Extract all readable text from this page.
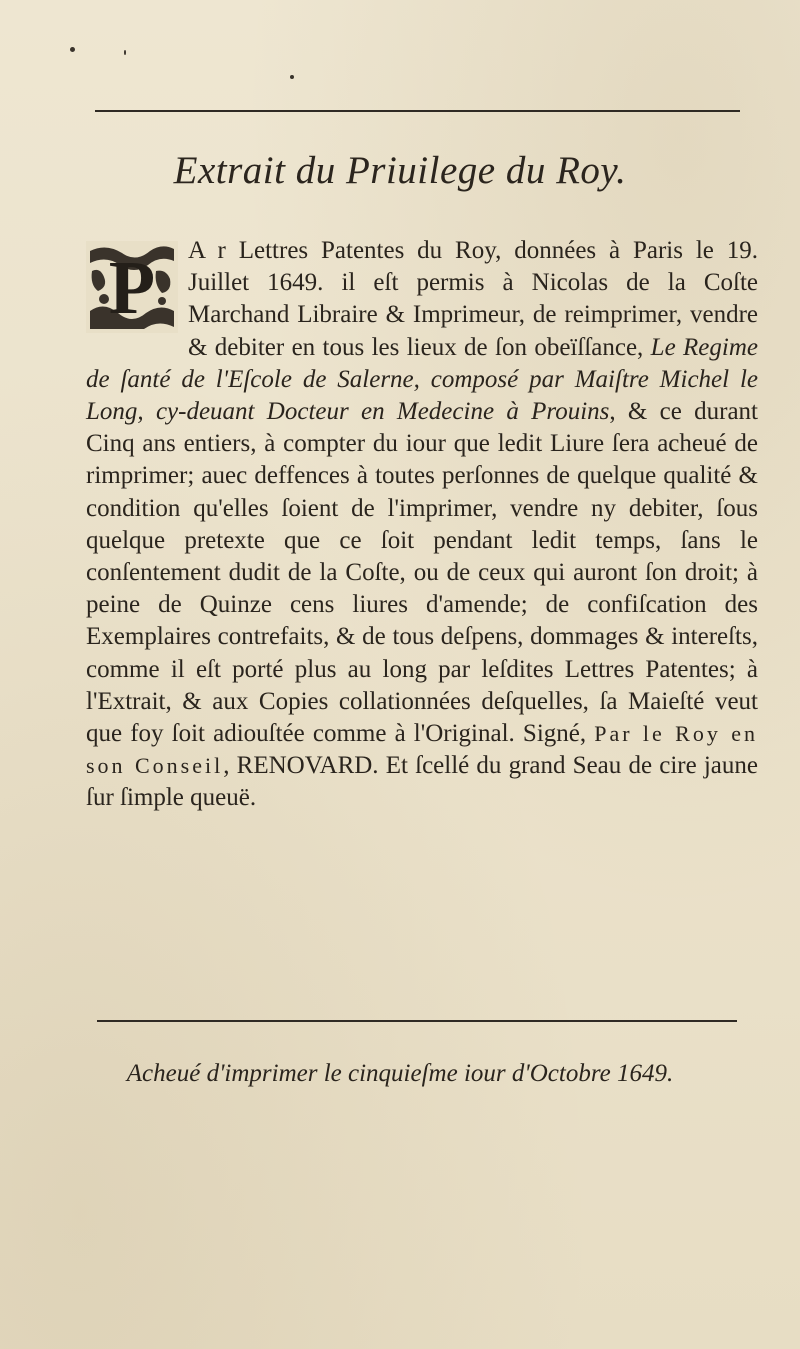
Extrait du Priuilege du Roy.
P	A r Lettres Patentes du Roy, données à Paris le 19. Juillet 1649. il eſt permis à Nicolas de la Coſte Marchand Libraire & Imprimeur, de reimprimer, vendre & debiter en tous les lieux de ſon obeïſſance, Le Regime de ſanté de l'Eſcole de Salerne, composé par Maiſtre Michel le Long, cy-deuant Docteur en Medecine à Prouins, & ce durant Cinq ans entiers, à compter du iour que ledit Liure ſera acheué de rimprimer; auec deffences à toutes perſonnes de quelque qualité & condition qu'elles ſoient de l'imprimer, vendre ny debiter, ſous quelque pretexte que ce ſoit pendant ledit temps, ſans le conſentement dudit de la Coſte, ou de ceux qui auront ſon droit; à peine de Quinze cens liures d'amende; de confiſcation des Exemplaires contrefaits, & de tous deſpens, dommages & intereſts, comme il eſt porté plus au long par leſdites Lettres Patentes; à l'Extrait, & aux Copies collationnées deſquelles, ſa Maieſté veut que foy ſoit adiouſtée comme à l'Original. Signé, Par le Roy en son Conseil, RENOVARD. Et ſcellé du grand Seau de cire jaune ſur ſimple queuë.

Acheué d'imprimer le cinquieſme iour d'Octobre 1649.
